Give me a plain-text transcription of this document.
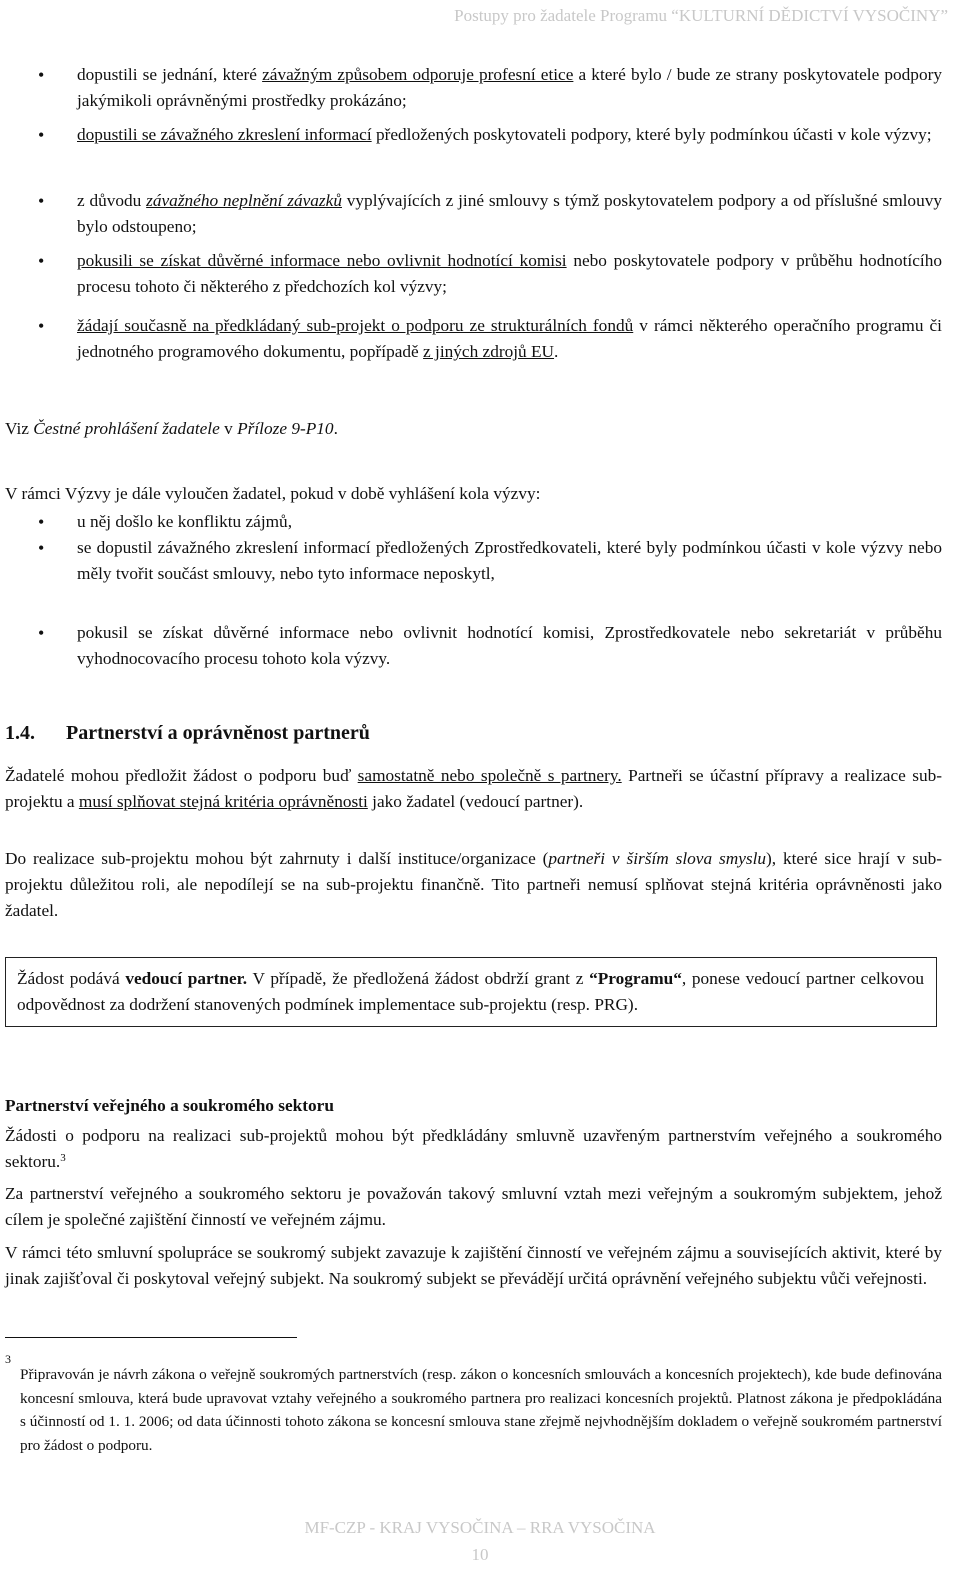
Postupy pro žadatele Programu “KULTURNÍ DĚDICTVÍ VYSOČINY”
• dopustili se jednání, které závažným způsobem odporuje profesní etice a které bylo / bude ze strany poskytovatele podpory jakýmikoli oprávněnými prostředky prokázáno;
• dopustili se závažného zkreslení informací předložených poskytovateli podpory, které byly podmínkou účasti v kole výzvy;
• z důvodu závažného neplnění závazků vyplývajících z jiné smlouvy s týmž poskytovatelem podpory a od příslušné smlouvy bylo odstoupeno;
• pokusili se získat důvěrné informace nebo ovlivnit hodnotící komisi nebo poskytovatele podpory v průběhu hodnotícího procesu tohoto či některého z předchozích kol výzvy;
• žádají současně na předkládaný sub-projekt o podporu ze strukturálních fondů v rámci některého operačního programu či jednotného programového dokumentu, popřípadě z jiných zdrojů EU.
Viz Čestné prohlášení žadatele v Příloze 9-P10.
V rámci Výzvy je dále vyloučen žadatel, pokud v době vyhlášení kola výzvy:
• u něj došlo ke konfliktu zájmů,
• se dopustil závažného zkreslení informací předložených Zprostředkovateli, které byly podmínkou účasti v kole výzvy nebo měly tvořit součást smlouvy, nebo tyto informace neposkytl,
• pokusil se získat důvěrné informace nebo ovlivnit hodnotící komisi, Zprostředkovatele nebo sekretariát v průběhu vyhodnocovacího procesu tohoto kola výzvy.
1.4. Partnerství a oprávněnost partnerů
Žadatelé mohou předložit žádost o podporu buď samostatně nebo společně s partnery. Partneři se účastní přípravy a realizace sub-projektu a musí splňovat stejná kritéria oprávněnosti jako žadatel (vedoucí partner).
Do realizace sub-projektu mohou být zahrnuty i další instituce/organizace (partneři v širším slova smyslu), které sice hrají v sub-projektu důležitou roli, ale nepodílejí se na sub-projektu finančně. Tito partneři nemusí splňovat stejná kritéria oprávněnosti jako žadatel.
Žádost podává vedoucí partner. V případě, že předložená žádost obdrží grant z “Programu“, ponese vedoucí partner celkovou odpovědnost za dodržení stanovených podmínek implementace sub-projektu (resp. PRG).
Partnerství veřejného a soukromého sektoru
Žádosti o podporu na realizaci sub-projektů mohou být předkládány smluvně uzavřeným partnerstvím veřejného a soukromého sektoru.$^3$
Za partnerství veřejného a soukromého sektoru je považován takový smluvní vztah mezi veřejným a soukromým subjektem, jehož cílem je společné zajištění činností ve veřejném zájmu.
V rámci této smluvní spolupráce se soukromý subjekt zavazuje k zajištění činností ve veřejném zájmu a souvisejících aktivit, které by jinak zajišťoval či poskytoval veřejný subjekt. Na soukromý subjekt se převádějí určitá oprávnění veřejného subjektu vůči veřejnosti.
3
Připravován je návrh zákona o veřejně soukromých partnerstvích (resp. zákon o koncesních smlouvách a koncesních projektech), kde bude definována koncesní smlouva, která bude upravovat vztahy veřejného a soukromého partnera pro realizaci koncesních projektů. Platnost zákona je předpokládána s účinností od 1. 1. 2006; od data účinnosti tohoto zákona se koncesní smlouva stane zřejmě nejvhodnějším dokladem o veřejně soukromém partnerství pro žádost o podporu.
MF-CZP - KRAJ VYSOČINA – RRA VYSOČINA
10
